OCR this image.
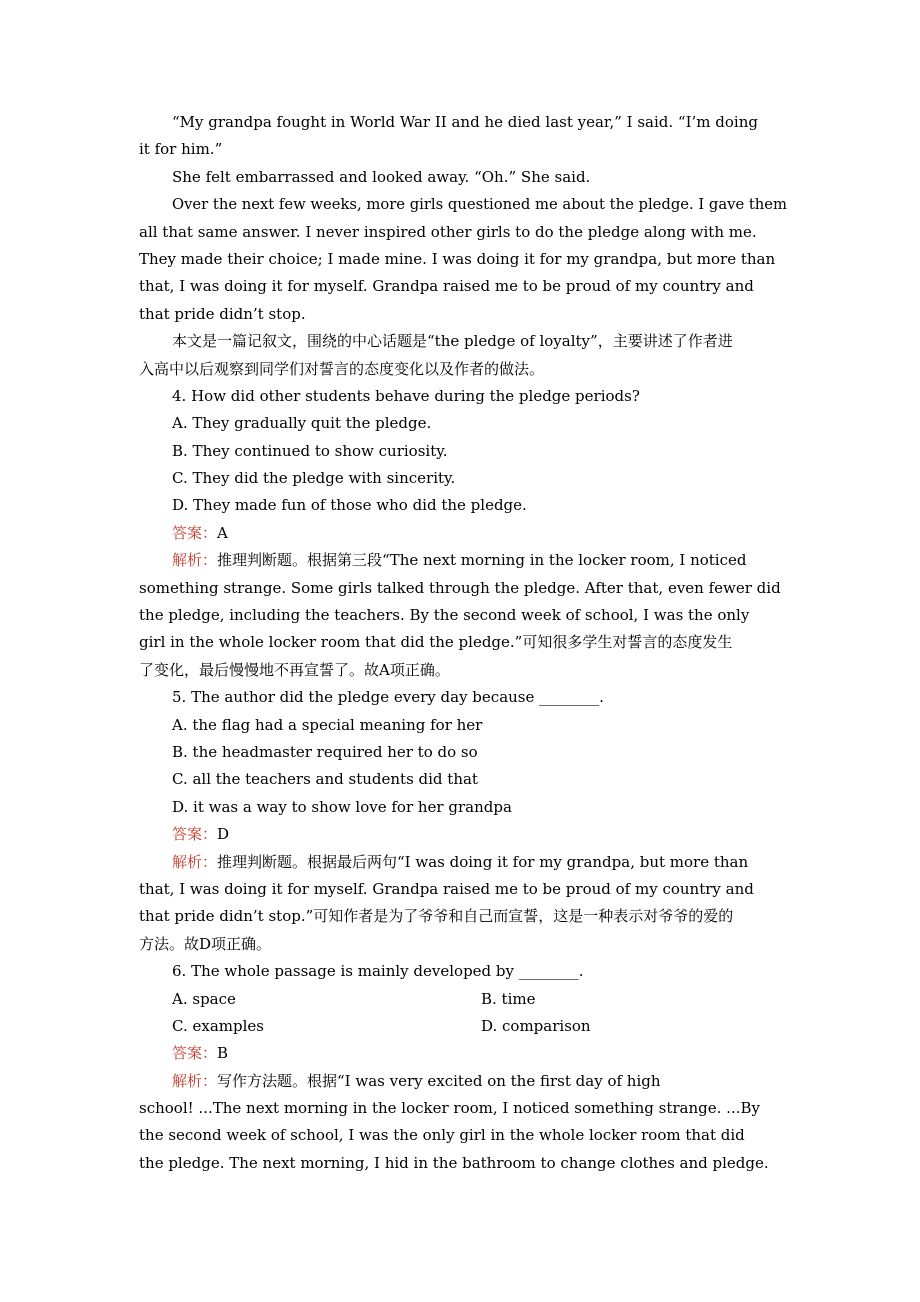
“My grandpa fought in World War II and he died last year,” I said. “I’m doing
it for him.”
She felt embarrassed and looked away. “Oh.” She said.
Over the next few weeks, more girls questioned me about the pledge. I gave them
all that same answer. I never inspired other girls to do the pledge along with me.
They made their choice; I made mine. I was doing it for my grandpa, but more than
that, I was doing it for myself. Grandpa raised me to be proud of my country and
that pride didn’t stop.
本文是一篇记叙文，围绕的中心话题是“the pledge of loyalty”，主要讲述了作者进
入高中以后观察到同学们对誓言的态度变化以及作者的做法。
4. How did other students behave during the pledge periods?
A. They gradually quit the pledge.
B. They continued to show curiosity.
C. They did the pledge with sincerity.
D. They made fun of those who did the pledge.
答案：A
解析：推理判断题。根据第三段“The next morning in the locker room, I noticed
something strange. Some girls talked through the pledge. After that, even fewer did
the pledge, including the teachers. By the second week of school, I was the only
girl in the whole locker room that did the pledge.”可知很多学生对誓言的态度发生
了变化，最后慢慢地不再宣誓了。故A项正确。
5. The author did the pledge every day because ________.
A. the flag had a special meaning for her
B. the headmaster required her to do so
C. all the teachers and students did that
D. it was a way to show love for her grandpa
答案：D
解析：推理判断题。根据最后两句“I was doing it for my grandpa, but more than
that, I was doing it for myself. Grandpa raised me to be proud of my country and
that pride didn’t stop.”可知作者是为了爷爷和自己而宣誓，这是一种表示对爷爷的爱的
方法。故D项正确。
6. The whole passage is mainly developed by ________.
A. space	B. time
C. examples	D. comparison
答案：B
解析：写作方法题。根据“I was very excited on the first day of high
school! ...The next morning in the locker room, I noticed something strange. ...By
the second week of school, I was the only girl in the whole locker room that did
the pledge. The next morning, I hid in the bathroom to change clothes and pledge.
